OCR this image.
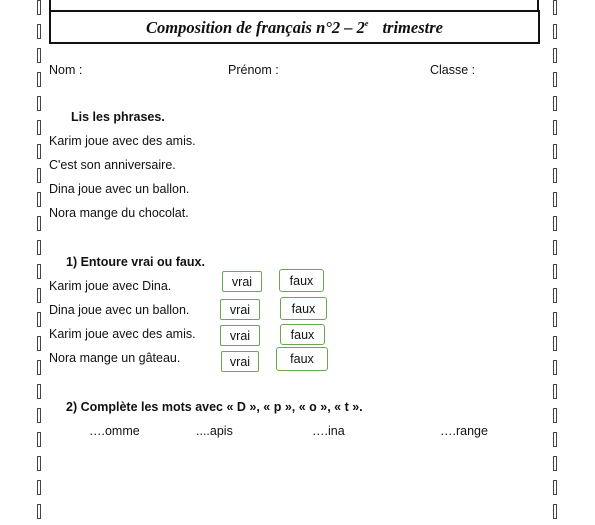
Composition de français n°2 – 2e trimestre
Nom :	Prénom :	Classe :
Lis les phrases.
Karim joue avec des amis.
C'est son anniversaire.
Dina joue avec un ballon.
Nora mange du chocolat.
1) Entoure vrai ou faux.
Karim joue avec Dina.	vrai	faux
Dina joue avec un ballon.	vrai	faux
Karim joue avec des amis.	vrai	faux
Nora mange un gâteau.	vrai	faux
2) Complète les mots avec « D », « p », « o », « t ».
….omme	....apis	….ina	….range
